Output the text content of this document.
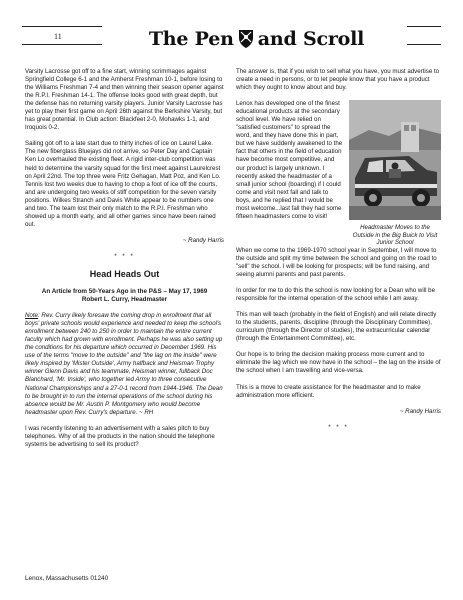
11	The Pen and Scroll

Varsity Lacrosse got off to a fine start, winning scrimmages against Springfield College 6-1 and the Amherst Freshman 10-1, before losing to the Williams Freshman 7-4 and then winning their season opener against the R.P.I. Freshman 14-1. The offense looks good with great depth, but the defense has no returning varsity players. Junior Varsity Lacrosse has yet to play their first game on April 26th against the Berkshire Varsity, but has great potential. In Club action: Blackfeet 2-0, Mohawks 1-1, and Iroquois 0-2.

Sailing got off to a late start due to thirty inches of ice on Laurel Lake. The new fiberglass Bluejays did not arrive, so Peter Day and Captain Ken Lo overhauled the existing fleet. A rigid inter-club competition was held to determine the varsity squad for the first meet against Laurelcrest on April 22nd. The top three were Fritz Gehagan, Matt Poz, and Ken Lo. Tennis lost two weeks due to having to chop a foot of ice off the courts, and are undergoing two weeks of stiff competition for the seven varsity positions. Wilkes Stranch and Davis White appear to be numbers one and two. The team lost their only match to the R.P.I. Freshman who showed up a month early, and all other games since have been rained out.

~ Randy Harris

* * *

Head Heads Out

An Article from 50-Years Ago in the P&S – May 17, 1969
Robert L. Curry, Headmaster

Note: Rev. Curry likely foresaw the coming drop in enrollment that all boys' private schools would experience and needed to keep the school's enrollment between 240 to 250 in order to maintain the entire current faculty which had grown with enrollment. Perhaps he was also setting up the conditions for his departure which occurred in December 1969. His use of the terms "move to the outside" and "the lag on the inside" were likely inspired by 'Mister Outside', Army halfback and Heisman Trophy winner Glenn Davis and his teammate, Heisman winner, fullback Doc Blanchard, 'Mr. Inside', who together led Army to three consecutive National Championships and a 27-0-1 record from 1944-1946. The Dean to be brought in to run the internal operations of the school during his absence would be Mr. Austin P. Montgomery who would become headmaster upon Rev. Curry's departure. ~ RH

I was recently listening to an advertisement with a sales pitch to buy telephones. Why of all the products in the nation should the telephone systems be advertising to sell its product?

The answer is, that if you wish to sell what you have, you must advertise to create a need in persons, or to let people know that you have a product which they ought to know about and buy.

Headmaster Moves to the Outside in the Big Buick to Visit Junior School

Lenox has developed one of the finest educational products at the secondary school level. We have relied on "satisfied customers" to spread the word, and they have done this in part, but we have suddenly awakened to the fact that others in the field of education have become most competitive, and our product is largely unknown. I recently asked the headmaster of a small junior school (boarding) if I could come and visit next fall and talk to boys, and he replied that I would be most welcome...last fall they had some fifteen headmasters come to visit!

When we come to the 1969-1970 school year in September, I will move to the outside and split my time between the school and going on the road to "sell" the school. I will be looking for prospects; will be fund raising, and seeing alumni parents and past parents.

In order for me to do this the school is now looking for a Dean who will be responsible for the internal operation of the school while I am away.

This man will teach (probably in the field of English) and will relate directly to the students, parents, discipline (through the Disciplinary Committee), curriculum (through the Director of studies), the extracurricular calendar (through the Entertainment Committee), etc.

Our hope is to bring the decision making process more current and to eliminate the lag which we now have in the school – the lag on the inside of the school when I am travelling and vice-versa.

This is a move to create assistance for the headmaster and to make administration more efficient.

~ Randy Harris

* * *
Lenox, Massachusetts 01240
